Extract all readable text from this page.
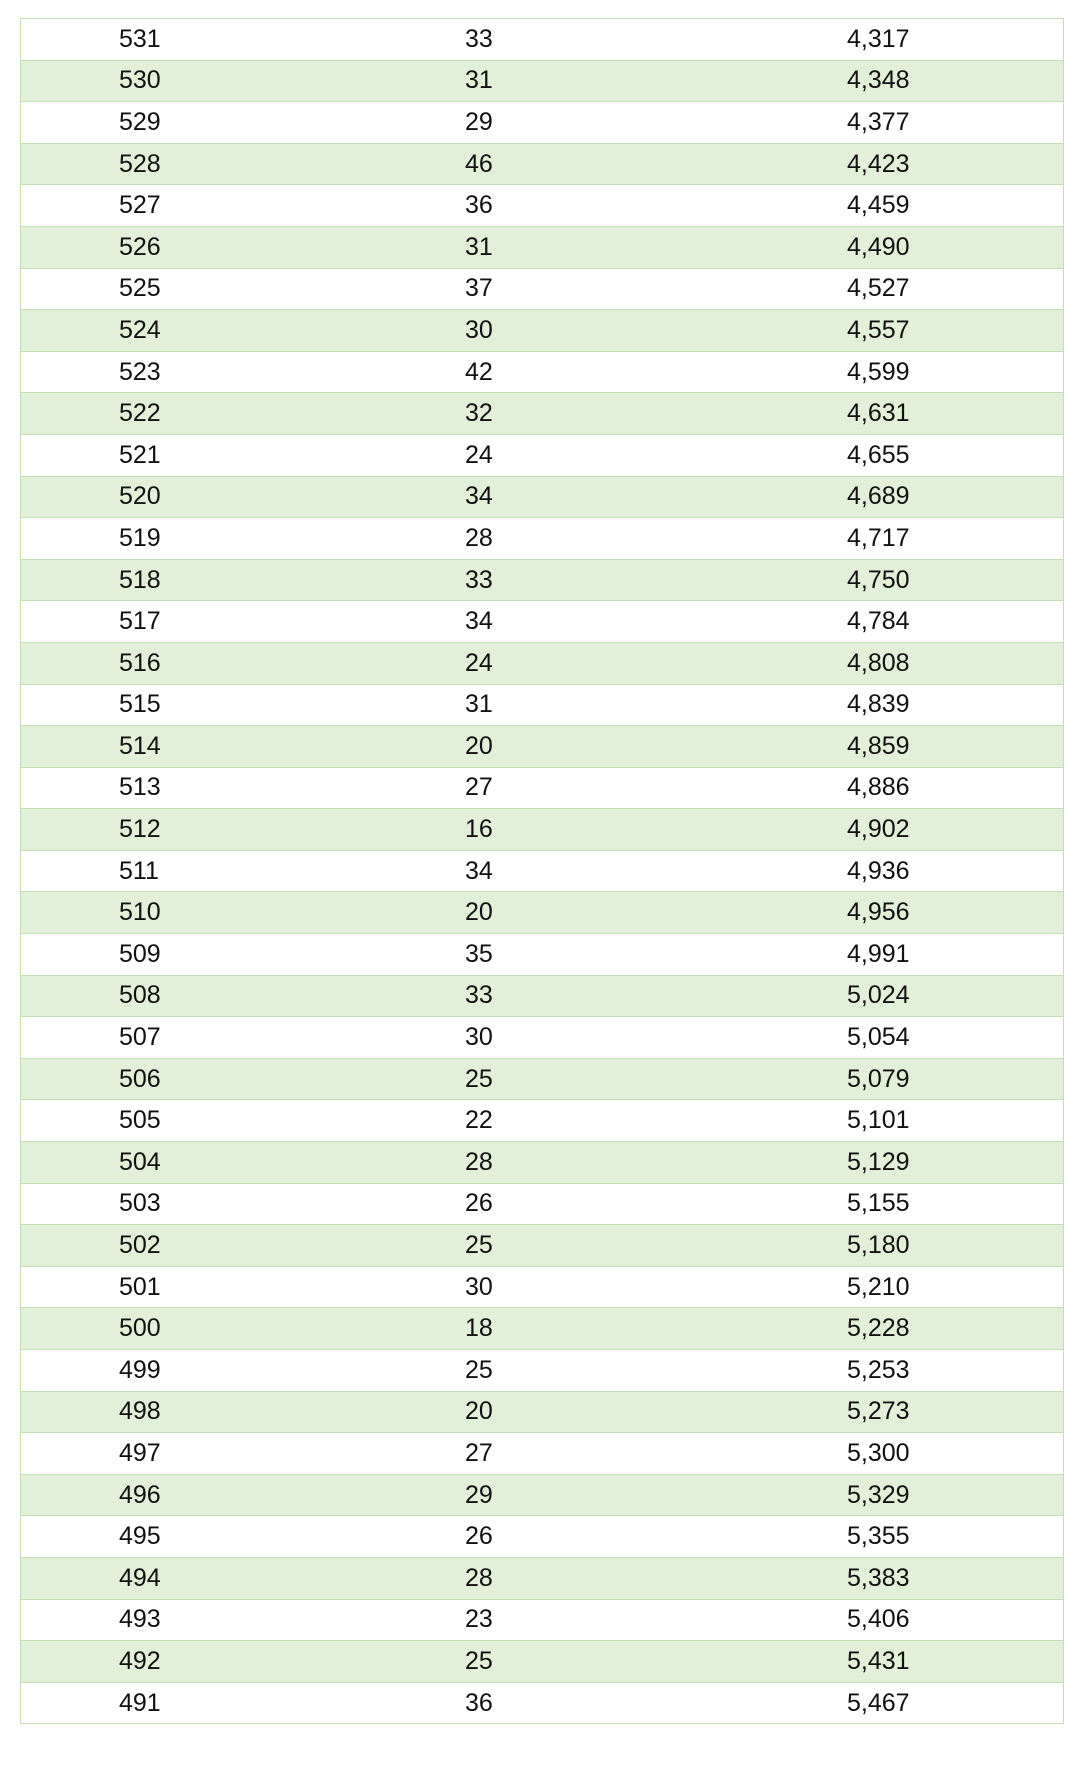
531	33	4,317
530	31	4,348
529	29	4,377
528	46	4,423
527	36	4,459
526	31	4,490
525	37	4,527
524	30	4,557
523	42	4,599
522	32	4,631
521	24	4,655
520	34	4,689
519	28	4,717
518	33	4,750
517	34	4,784
516	24	4,808
515	31	4,839
514	20	4,859
513	27	4,886
512	16	4,902
511	34	4,936
510	20	4,956
509	35	4,991
508	33	5,024
507	30	5,054
506	25	5,079
505	22	5,101
504	28	5,129
503	26	5,155
502	25	5,180
501	30	5,210
500	18	5,228
499	25	5,253
498	20	5,273
497	27	5,300
496	29	5,329
495	26	5,355
494	28	5,383
493	23	5,406
492	25	5,431
491	36	5,467
